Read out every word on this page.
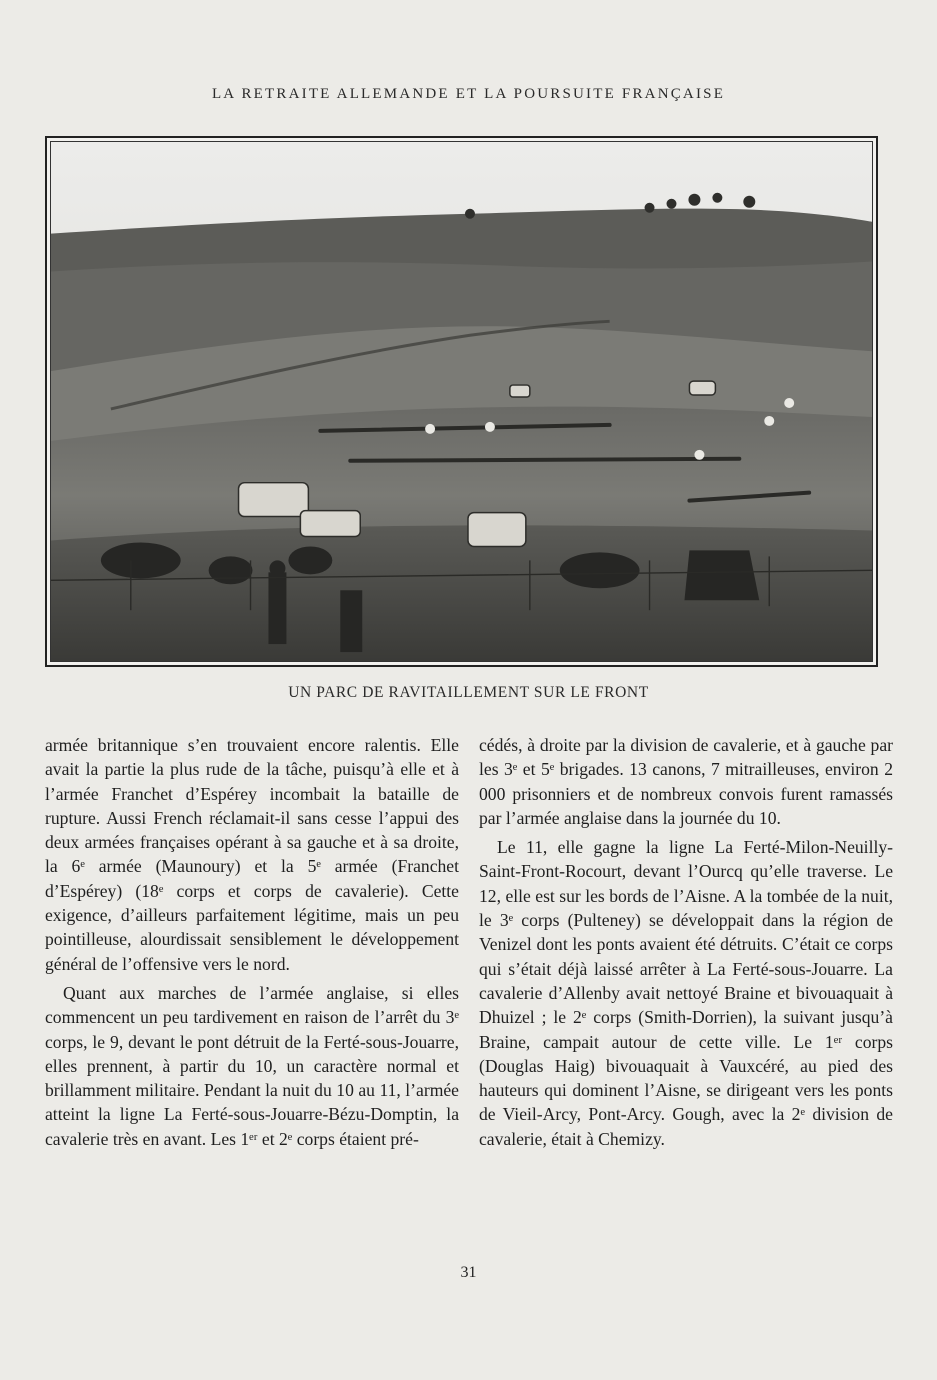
LA RETRAITE ALLEMANDE ET LA POURSUITE FRANÇAISE
UN PARC DE RAVITAILLEMENT SUR LE FRONT

armée britannique s’en trouvaient encore ralentis. Elle avait la partie la plus rude de la tâche, puisqu’à elle et à l’armée Franchet d’Espérey incombait la bataille de rupture. Aussi French réclamait-il sans cesse l’appui des deux armées françaises opérant à sa gauche et à sa droite, la 6ᵉ armée (Maunoury) et la 5ᵉ armée (Franchet d’Espérey) (18ᵉ corps et corps de cavalerie). Cette exigence, d’ailleurs parfaitement légitime, mais un peu pointilleuse, alourdissait sensiblement le développement général de l’offensive vers le nord.

Quant aux marches de l’armée anglaise, si elles commencent un peu tardivement en raison de l’arrêt du 3ᵉ corps, le 9, devant le pont détruit de la Ferté-sous-Jouarre, elles prennent, à partir du 10, un caractère normal et brillamment militaire. Pendant la nuit du 10 au 11, l’armée atteint la ligne La Ferté-sous-Jouarre-Bézu-Domptin, la cavalerie très en avant. Les 1ᵉʳ et 2ᵉ corps étaient pré-

cédés, à droite par la division de cavalerie, et à gauche par les 3ᵉ et 5ᵉ brigades. 13 canons, 7 mitrailleuses, environ 2 000 prisonniers et de nombreux convois furent ramassés par l’armée anglaise dans la journée du 10.

Le 11, elle gagne la ligne La Ferté-Milon-Neuilly-Saint-Front-Rocourt, devant l’Ourcq qu’elle traverse. Le 12, elle est sur les bords de l’Aisne. A la tombée de la nuit, le 3ᵉ corps (Pulteney) se développait dans la région de Venizel dont les ponts avaient été détruits. C’était ce corps qui s’était déjà laissé arrêter à La Ferté-sous-Jouarre. La cavalerie d’Allenby avait nettoyé Braine et bivouaquait à Dhuizel ; le 2ᵉ corps (Smith-Dorrien), la suivant jusqu’à Braine, campait autour de cette ville. Le 1ᵉʳ corps (Douglas Haig) bivouaquait à Vauxcéré, au pied des hauteurs qui dominent l’Aisne, se dirigeant vers les ponts de Vieil-Arcy, Pont-Arcy. Gough, avec la 2ᵉ division de cavalerie, était à Chemizy.

31
